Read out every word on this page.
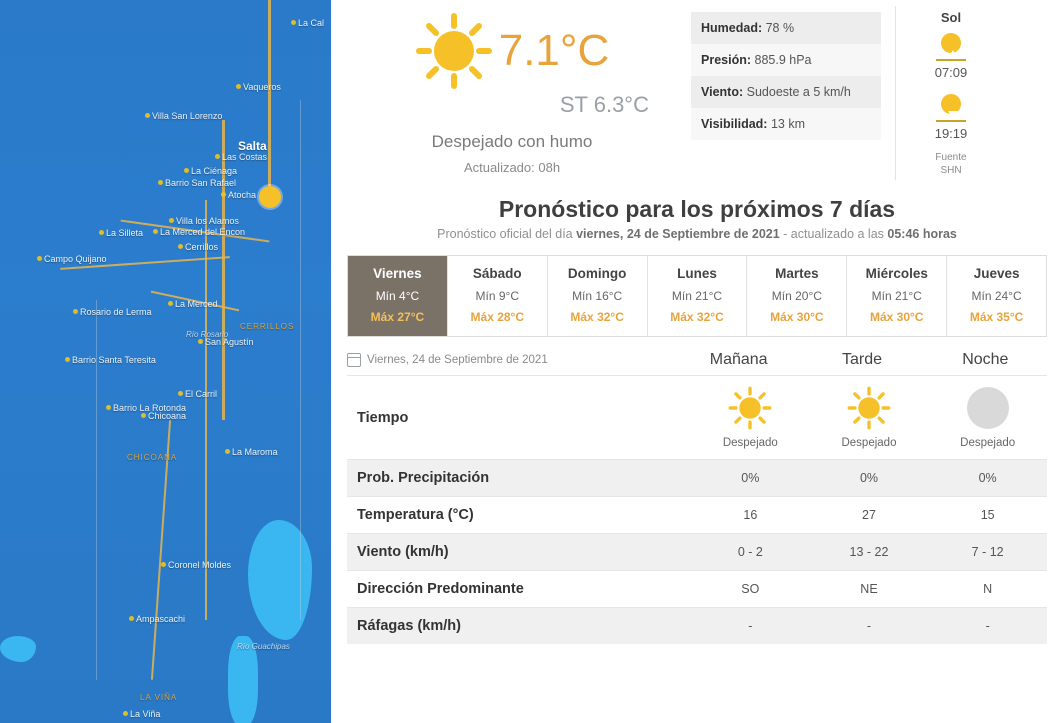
La Cal
Vaqueros
Villa San Lorenzo
Salta
Las Costas
La Ciénaga
Barrio San Rafael
Atocha
La Silleta
Villa los Alamos
La Merced del Encon
Cerrillos
Campo Quijano
La Merced
CERRILLOS
Rosario de Lerma
Río Rosario
San Agustín
Barrio Santa Teresita
El Carril
Barrio La Rotonda
Chicoana
La Maroma
CHICOANA
Coronel Moldes
Ampascachi
Río Guachipas
LA VIÑA
La Viña
7.1°C
ST 6.3°C
Despejado con humo
Actualizado: 08h
Humedad: 78 %
Presión: 885.9 hPa
Viento: Sudoeste a 5 km/h
Visibilidad: 13 km
Sol
07:09
19:19
Fuente
SHN
Pronóstico para los próximos 7 días
Pronóstico oficial del día viernes, 24 de Septiembre de 2021 - actualizado a las 05:46 horas
Viernes
Mín 4°C
Máx 27°C
Sábado
Mín 9°C
Máx 28°C
Domingo
Mín 16°C
Máx 32°C
Lunes
Mín 21°C
Máx 32°C
Martes
Mín 20°C
Máx 30°C
Miércoles
Mín 21°C
Máx 30°C
Jueves
Mín 24°C
Máx 35°C
Viernes, 24 de Septiembre de 2021	Mañana	Tarde	Noche
Tiempo	Despejado	Despejado	Despejado

Prob. Precipitación	0%	0%	0%
Temperatura (°C)	16	27	15
Viento (km/h)	0 - 2	13 - 22	7 - 12
Dirección Predominante	SO	NE	N
Ráfagas (km/h)	-	-	-
